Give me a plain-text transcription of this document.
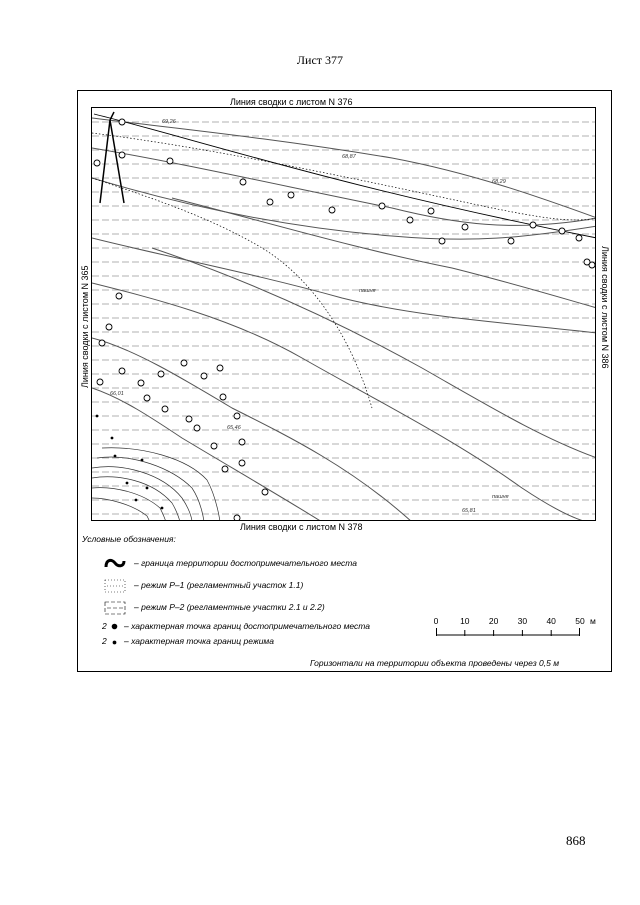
Лист 377
Линия сводки с листом N 376
Линия сводки с листом N 378
Линия сводки с листом N 365	Линия сводки с листом N 386
69,26
68,87
68,29
66,01
65,46
65,81
пашня
пашня
Условные обозначения:
– граница территории достопримечательного места
– режим Р–1 (регламентный участок 1.1)
– режим Р–2 (регламентные участки 2.1 и 2.2)
2 – характерная точка границ достопримечательного места
2 – характерная точка границ режима
0	10	20	30	40	50 м
Горизонтали на территории объекта проведены через 0,5 м
868
